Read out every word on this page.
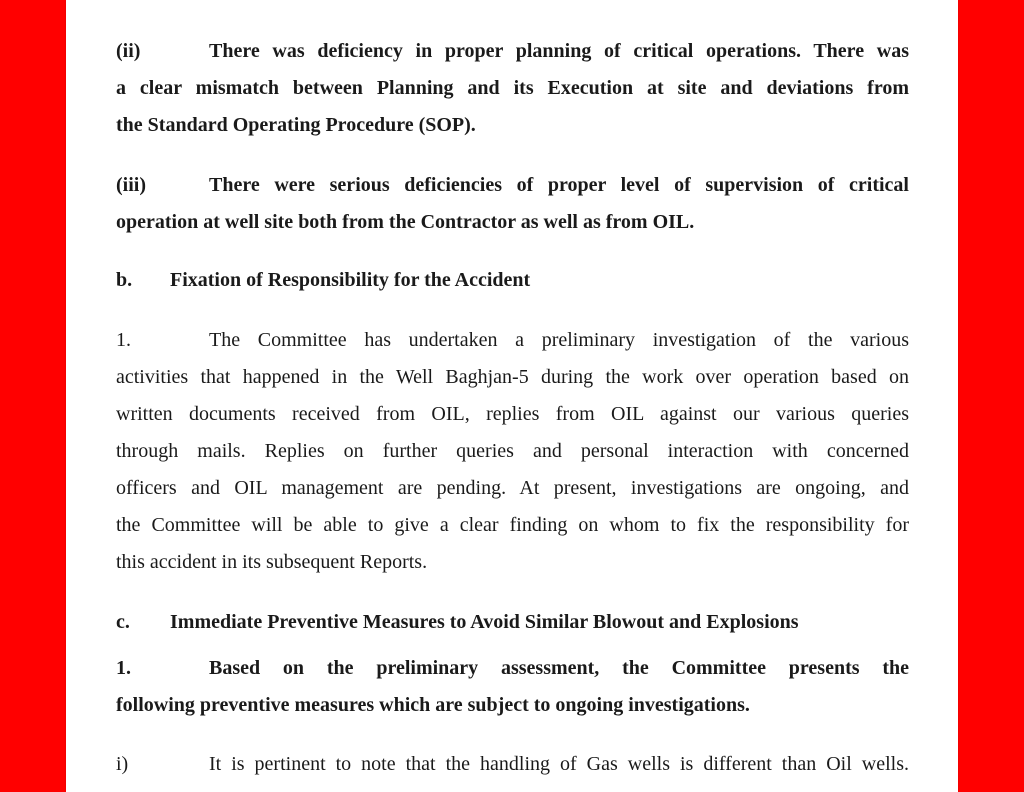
(ii)	There was deficiency in proper planning of critical operations. There was
a clear mismatch between Planning and its Execution at site and deviations from
the Standard Operating Procedure (SOP).
(iii)	There were serious deficiencies of proper level of supervision of critical
operation at well site both from the Contractor as well as from OIL.
b. Fixation of Responsibility for the Accident
1.	The Committee has undertaken a preliminary investigation of the various
activities that happened in the Well Baghjan-5 during the work over operation based on
written documents received from OIL, replies from OIL against our various queries
through mails. Replies on further queries and personal interaction with concerned
officers and OIL management are pending. At present, investigations are ongoing, and
the Committee will be able to give a clear finding on whom to fix the responsibility for
this accident in its subsequent Reports.
c. Immediate Preventive Measures to Avoid Similar Blowout and Explosions
1.	Based on the preliminary assessment, the Committee presents the
following preventive measures which are subject to ongoing investigations.
i)	It is pertinent to note that the handling of Gas wells is different than Oil wells.
